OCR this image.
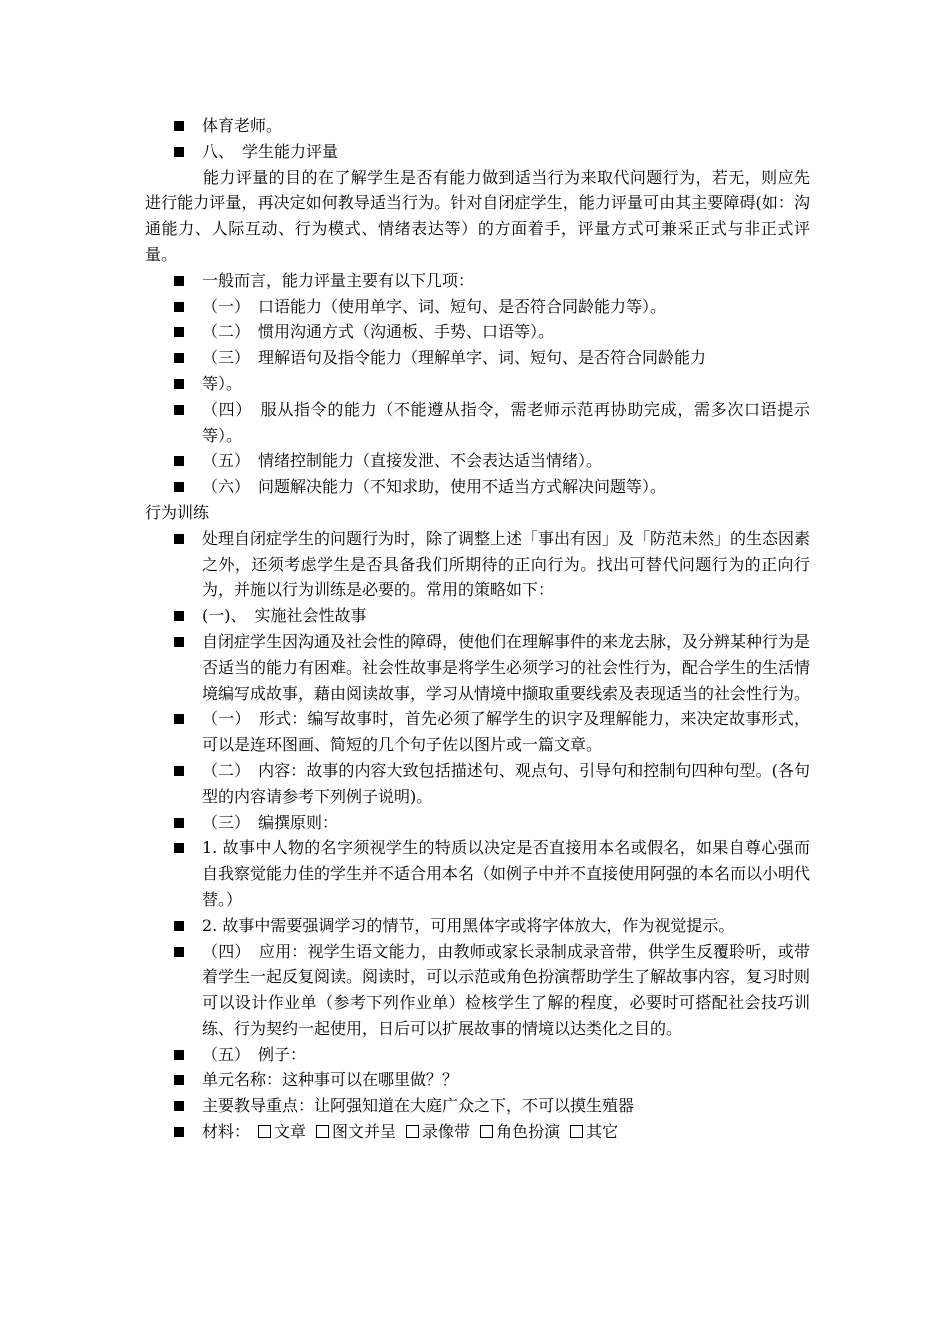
体育老师。
八、　学生能力评量
能力评量的目的在了解学生是否有能力做到适当行为来取代问题行为，若无，则应先进行能力评量，再决定如何教导适当行为。针对自闭症学生，能力评量可由其主要障碍(如：沟通能力、人际互动、行为模式、情绪表达等）的方面着手，评量方式可兼采正式与非正式评量。
一般而言，能力评量主要有以下几项：
（一）　口语能力（使用单字、词、短句、是否符合同龄能力等）。
（二）　惯用沟通方式（沟通板、手势、口语等）。
（三）　理解语句及指令能力（理解单字、词、短句、是否符合同龄能力
等）。
（四）　服从指令的能力（不能遵从指令，需老师示范再协助完成，需多次口语提示等）。
（五）　情绪控制能力（直接发泄、不会表达适当情绪）。
（六）　问题解决能力（不知求助，使用不适当方式解决问题等）。
行为训练
处理自闭症学生的问题行为时，除了调整上述「事出有因」及「防范未然」的生态因素之外，还须考虑学生是否具备我们所期待的正向行为。找出可替代问题行为的正向行为，并施以行为训练是必要的。常用的策略如下：
(一)、　实施社会性故事
自闭症学生因沟通及社会性的障碍，使他们在理解事件的来龙去脉，及分辨某种行为是否适当的能力有困难。社会性故事是将学生必须学习的社会性行为，配合学生的生活情境编写成故事，藉由阅读故事，学习从情境中撷取重要线索及表现适当的社会性行为。
（一）　形式：编写故事时，首先必须了解学生的识字及理解能力，来决定故事形式，可以是连环图画、简短的几个句子佐以图片或一篇文章。
（二）　内容：故事的内容大致包括描述句、观点句、引导句和控制句四种句型。(各句型的内容请参考下列例子说明)。
（三）　编撰原则：
1. 故事中人物的名字须视学生的特质以决定是否直接用本名或假名，如果自尊心强而自我察觉能力佳的学生并不适合用本名（如例子中并不直接使用阿强的本名而以小明代替。）
2. 故事中需要强调学习的情节，可用黑体字或将字体放大，作为视觉提示。
（四）　应用：视学生语文能力，由教师或家长录制成录音带，供学生反覆聆听，或带着学生一起反复阅读。阅读时，可以示范或角色扮演帮助学生了解故事内容，复习时则可以设计作业单（参考下列作业单）检核学生了解的程度，必要时可搭配社会技巧训练、行为契约一起使用，日后可以扩展故事的情境以达类化之目的。
（五）　例子：
单元名称：这种事可以在哪里做？？
主要教导重点：让阿强知道在大庭广众之下，不可以摸生殖器
材料： 文章 图文并呈 录像带 角色扮演 其它
